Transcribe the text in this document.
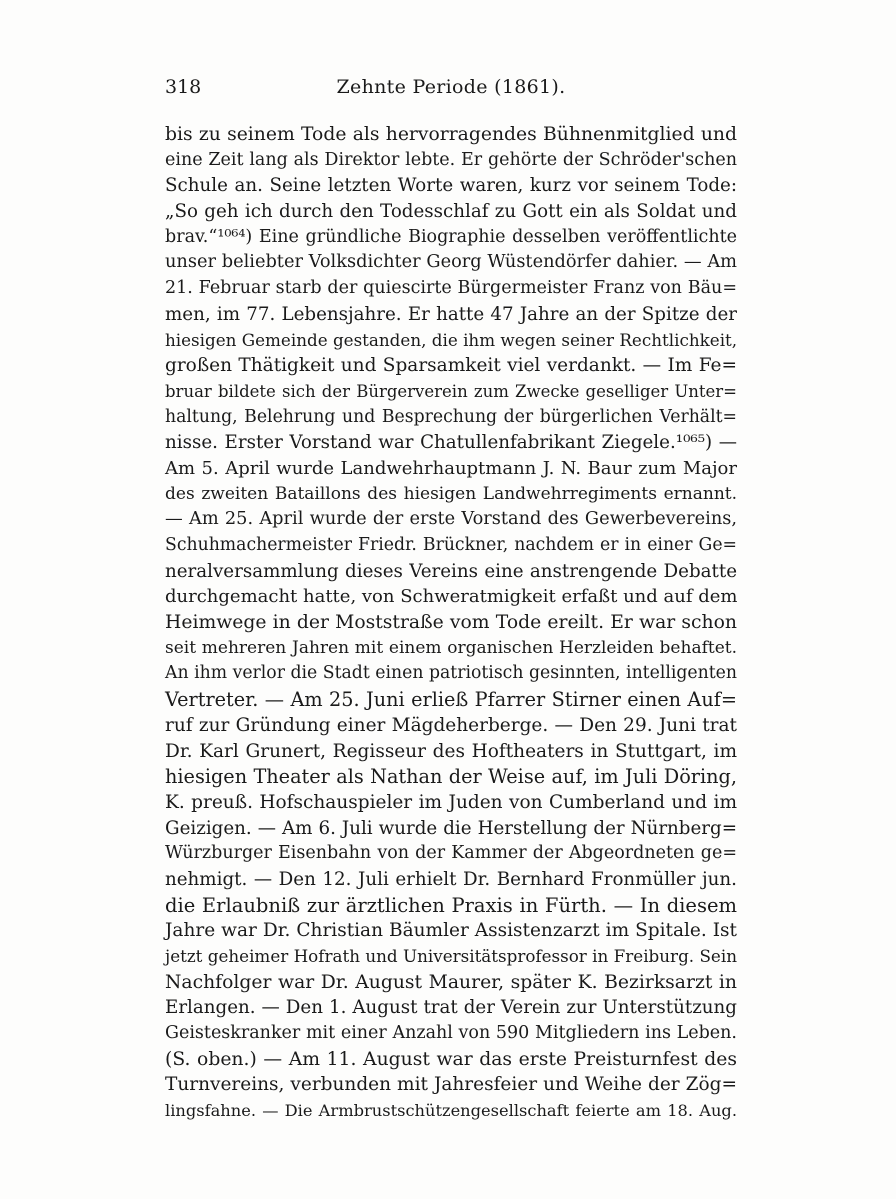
318	Zehnte Periode (1861).
bis zu seinem Tode als hervorragendes Bühnenmitglied und
eine Zeit lang als Direktor lebte. Er gehörte der Schröder'schen
Schule an. Seine letzten Worte waren, kurz vor seinem Tode:
„So geh ich durch den Todesschlaf zu Gott ein als Soldat und
brav.“¹⁰⁶⁴) Eine gründliche Biographie desselben veröffentlichte
unser beliebter Volksdichter Georg Wüstendörfer dahier. — Am
21. Februar starb der quiescirte Bürgermeister Franz von Bäu=
men, im 77. Lebensjahre. Er hatte 47 Jahre an der Spitze der
hiesigen Gemeinde gestanden, die ihm wegen seiner Rechtlichkeit,
großen Thätigkeit und Sparsamkeit viel verdankt. — Im Fe=
bruar bildete sich der Bürgerverein zum Zwecke geselliger Unter=
haltung, Belehrung und Besprechung der bürgerlichen Verhält=
nisse. Erster Vorstand war Chatullenfabrikant Ziegele.¹⁰⁶⁵) —
Am 5. April wurde Landwehrhauptmann J. N. Baur zum Major
des zweiten Bataillons des hiesigen Landwehrregiments ernannt.
— Am 25. April wurde der erste Vorstand des Gewerbevereins,
Schuhmachermeister Friedr. Brückner, nachdem er in einer Ge=
neralversammlung dieses Vereins eine anstrengende Debatte
durchgemacht hatte, von Schweratmigkeit erfaßt und auf dem
Heimwege in der Moststraße vom Tode ereilt. Er war schon
seit mehreren Jahren mit einem organischen Herzleiden behaftet.
An ihm verlor die Stadt einen patriotisch gesinnten, intelligenten
Vertreter. — Am 25. Juni erließ Pfarrer Stirner einen Auf=
ruf zur Gründung einer Mägdeherberge. — Den 29. Juni trat
Dr. Karl Grunert, Regisseur des Hoftheaters in Stuttgart, im
hiesigen Theater als Nathan der Weise auf, im Juli Döring,
K. preuß. Hofschauspieler im Juden von Cumberland und im
Geizigen. — Am 6. Juli wurde die Herstellung der Nürnberg=
Würzburger Eisenbahn von der Kammer der Abgeordneten ge=
nehmigt. — Den 12. Juli erhielt Dr. Bernhard Fronmüller jun.
die Erlaubniß zur ärztlichen Praxis in Fürth. — In diesem
Jahre war Dr. Christian Bäumler Assistenzarzt im Spitale. Ist
jetzt geheimer Hofrath und Universitätsprofessor in Freiburg. Sein
Nachfolger war Dr. August Maurer, später K. Bezirksarzt in
Erlangen. — Den 1. August trat der Verein zur Unterstützung
Geisteskranker mit einer Anzahl von 590 Mitgliedern ins Leben.
(S. oben.) — Am 11. August war das erste Preisturnfest des
Turnvereins, verbunden mit Jahresfeier und Weihe der Zög=
lingsfahne. — Die Armbrustschützengesellschaft feierte am 18. Aug.
